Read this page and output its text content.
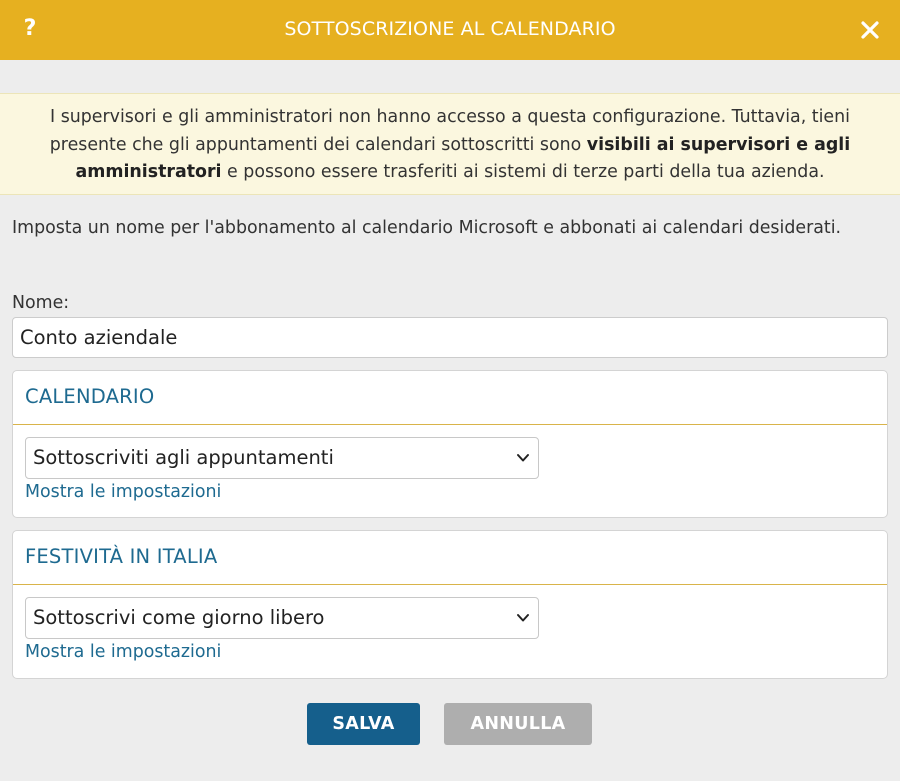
?	SOTTOSCRIZIONE AL CALENDARIO
I supervisori e gli amministratori non hanno accesso a questa configurazione. Tuttavia, tieni presente che gli appuntamenti dei calendari sottoscritti sono visibili ai supervisori e agli amministratori e possono essere trasferiti ai sistemi di terze parti della tua azienda.
Imposta un nome per l'abbonamento al calendario Microsoft e abbonati ai calendari desiderati.
Nome:
Conto aziendale
CALENDARIO
Sottoscriviti agli appuntamenti
Mostra le impostazioni
FESTIVITÀ IN ITALIA
Sottoscrivi come giorno libero
Mostra le impostazioni
SALVA	ANNULLA
